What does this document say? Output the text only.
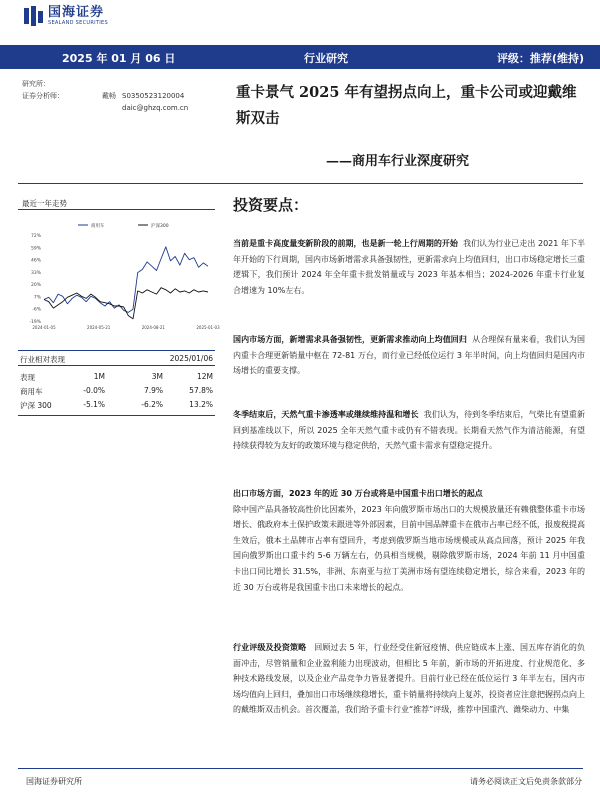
国海证券
SEALAND SECURITIES
2025 年 01 月 06 日	行业研究	评级：推荐(维持)
研究所：
证券分析师：	戴畅 S0350523120004
daic@ghzq.com.cn
重卡景气 2025 年有望拐点向上，重卡公司或迎戴维斯双击
——商用车行业深度研究
最近一年走势
商用车	沪深300
72%
59%
46%
33%
20%
7%
-6%
-19%
2024-01-05	2024-05-21	2024-08-21	2025-01-03
行业相对表现	2025/01/06
表现	1M	3M	12M
商用车	-0.0%	7.9%	57.8%
沪深 300	-5.1%	-6.2%	13.2%
投资要点：
当前是重卡高度量变新阶段的前期，也是新一轮上行周期的开始 我们认为行业已走出 2021 年下半年开始的下行周期，国内市场新增需求具备强韧性，更新需求向上均值回归，出口市场稳定增长三重逻辑下，我们预计 2024 年全年重卡批发销量或与 2023 年基本相当；2024-2026 年重卡行业复合增速为 10%左右。
国内市场方面，新增需求具备强韧性，更新需求推动向上均值回归 从合理保有量来看，我们认为国内重卡合理更新销量中枢在 72-81 万台，而行业已经低位运行 3 年半时间，向上均值回归是国内市场增长的重要支撑。
冬季结束后，天然气重卡渗透率或继续维持温和增长 我们认为，待到冬季结束后，气柴比有望重新回到基准线以下，所以 2025 全年天然气重卡或仍有不错表现。长期看天然气作为清洁能源，有望持续获得较为友好的政策环境与稳定供给，天然气重卡需求有望稳定提升。
出口市场方面，2023 年的近 30 万台或将是中国重卡出口增长的起点
除中国产品具备较高性价比因素外，2023 年向俄罗斯市场出口的大规模放量还有赖俄整体重卡市场增长、俄政府本土保护政策未跟进等外部因素，目前中国品牌重卡在俄市占率已经不低，报废税提高生效后，俄本土品牌市占率有望回升，考虑到俄罗斯当地市场规模或从高点回落，预计 2025 年我国向俄罗斯出口重卡约 5-6 万辆左右，仍具相当规模，剔除俄罗斯市场，2024 年前 11 月中国重卡出口同比增长 31.5%，非洲、东南亚与拉丁美洲市场有望连续稳定增长，综合来看，2023 年的近 30 万台或将是我国重卡出口未来增长的起点。
行业评级及投资策略 回顾过去 5 年，行业经受住新冠疫情、供应链成本上涨、国五库存消化的负面冲击，尽管销量和企业盈利能力出现波动，但相比 5 年前，新市场的开拓进度、行业规范化、多种技术路线发展，以及企业产品竞争力皆显著提升。目前行业已经在低位运行 3 年半左右，国内市场均值向上回归，叠加出口市场继续稳增长，重卡销量将持续向上复苏，投资者应注意把握拐点向上的戴维斯双击机会。首次覆盖，我们给予重卡行业“推荐”评级，推荐中国重汽、潍柴动力、中集
国海证券研究所	请务必阅读正文后免责条款部分
